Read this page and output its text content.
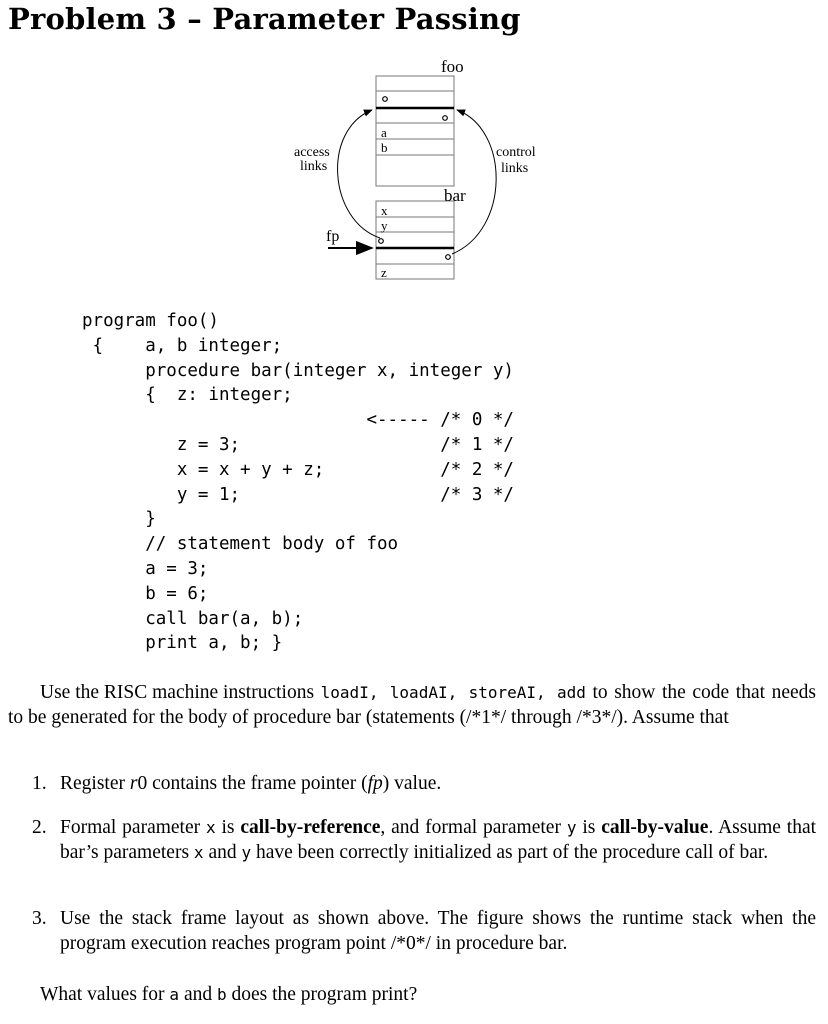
Problem 3 – Parameter Passing
foo
bar
a
b
x
y
z
access
links
control
links
fp
program foo()
{    a, b integer;
procedure bar(integer x, integer y)
{  z: integer;
<----- /* 0 */
z = 3;                   /* 1 */
x = x + y + z;           /* 2 */
y = 1;                   /* 3 */
}
// statement body of foo
a = 3;
b = 6;
call bar(a, b);
print a, b; }
Use the RISC machine instructions loadI, loadAI, storeAI, add to show the code that needs to be generated for the body of procedure bar (statements (/*1*/ through /*3*/). Assume that
1. Register r0 contains the frame pointer (fp) value.
2. Formal parameter x is call-by-reference, and formal parameter y is call-by-value. Assume that bar’s parameters x and y have been correctly initialized as part of the procedure call of bar.
3. Use the stack frame layout as shown above. The figure shows the runtime stack when the program execution reaches program point /*0*/ in procedure bar.
What values for a and b does the program print?
